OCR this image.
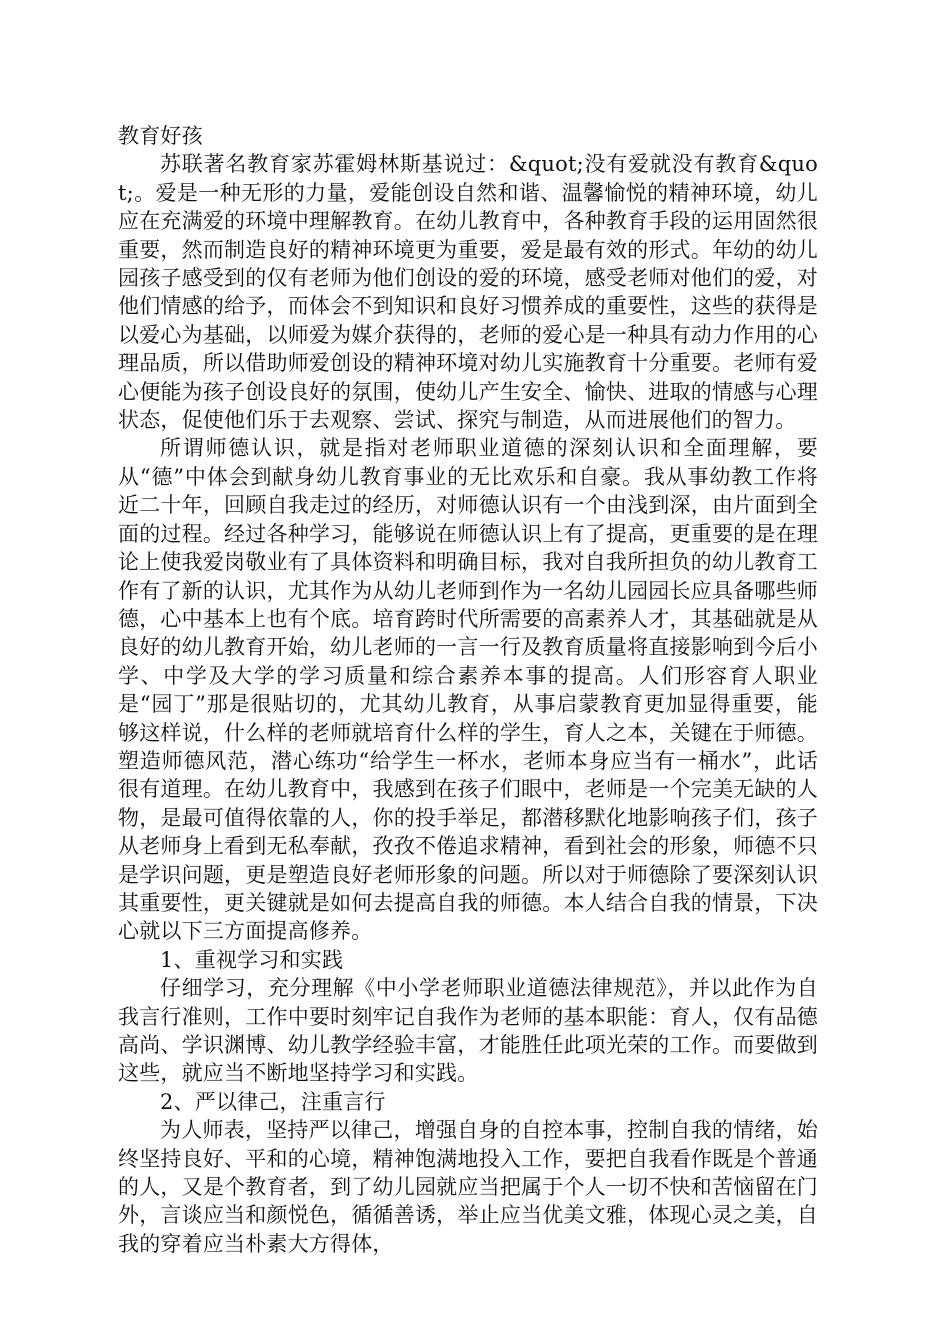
教育好孩

苏联著名教育家苏霍姆林斯基说过：&quot;没有爱就没有教育&quot;。爱是一种无形的力量，爱能创设自然和谐、温馨愉悦的精神环境，幼儿应在充满爱的环境中理解教育。在幼儿教育中，各种教育手段的运用固然很重要，然而制造良好的精神环境更为重要，爱是最有效的形式。年幼的幼儿园孩子感受到的仅有老师为他们创设的爱的环境，感受老师对他们的爱，对他们情感的给予，而体会不到知识和良好习惯养成的重要性，这些的获得是以爱心为基础，以师爱为媒介获得的，老师的爱心是一种具有动力作用的心理品质，所以借助师爱创设的精神环境对幼儿实施教育十分重要。老师有爱心便能为孩子创设良好的氛围，使幼儿产生安全、愉快、进取的情感与心理状态，促使他们乐于去观察、尝试、探究与制造，从而进展他们的智力。

所谓师德认识，就是指对老师职业道德的深刻认识和全面理解，要从“德”中体会到献身幼儿教育事业的无比欢乐和自豪。我从事幼教工作将近二十年，回顾自我走过的经历，对师德认识有一个由浅到深，由片面到全面的过程。经过各种学习，能够说在师德认识上有了提高，更重要的是在理论上使我爱岗敬业有了具体资料和明确目标，我对自我所担负的幼儿教育工作有了新的认识，尤其作为从幼儿老师到作为一名幼儿园园长应具备哪些师德，心中基本上也有个底。培育跨时代所需要的高素养人才，其基础就是从良好的幼儿教育开始，幼儿老师的一言一行及教育质量将直接影响到今后小学、中学及大学的学习质量和综合素养本事的提高。人们形容育人职业是“园丁”那是很贴切的，尤其幼儿教育，从事启蒙教育更加显得重要，能够这样说，什么样的老师就培育什么样的学生，育人之本，关键在于师德。塑造师德风范，潜心练功“给学生一杯水，老师本身应当有一桶水”，此话很有道理。在幼儿教育中，我感到在孩子们眼中，老师是一个完美无缺的人物，是最可值得依靠的人，你的投手举足，都潜移默化地影响孩子们，孩子从老师身上看到无私奉献，孜孜不倦追求精神，看到社会的形象，师德不只是学识问题，更是塑造良好老师形象的问题。所以对于师德除了要深刻认识其重要性，更关键就是如何去提高自我的师德。本人结合自我的情景，下决心就以下三方面提高修养。

1、重视学习和实践

仔细学习，充分理解《中小学老师职业道德法律规范》，并以此作为自我言行准则，工作中要时刻牢记自我作为老师的基本职能：育人，仅有品德高尚、学识渊博、幼儿教学经验丰富，才能胜任此项光荣的工作。而要做到这些，就应当不断地坚持学习和实践。

2、严以律己，注重言行

为人师表，坚持严以律己，增强自身的自控本事，控制自我的情绪，始终坚持良好、平和的心境，精神饱满地投入工作，要把自我看作既是个普通的人，又是个教育者，到了幼儿园就应当把属于个人一切不快和苦恼留在门外，言谈应当和颜悦色，循循善诱，举止应当优美文雅，体现心灵之美，自我的穿着应当朴素大方得体，
